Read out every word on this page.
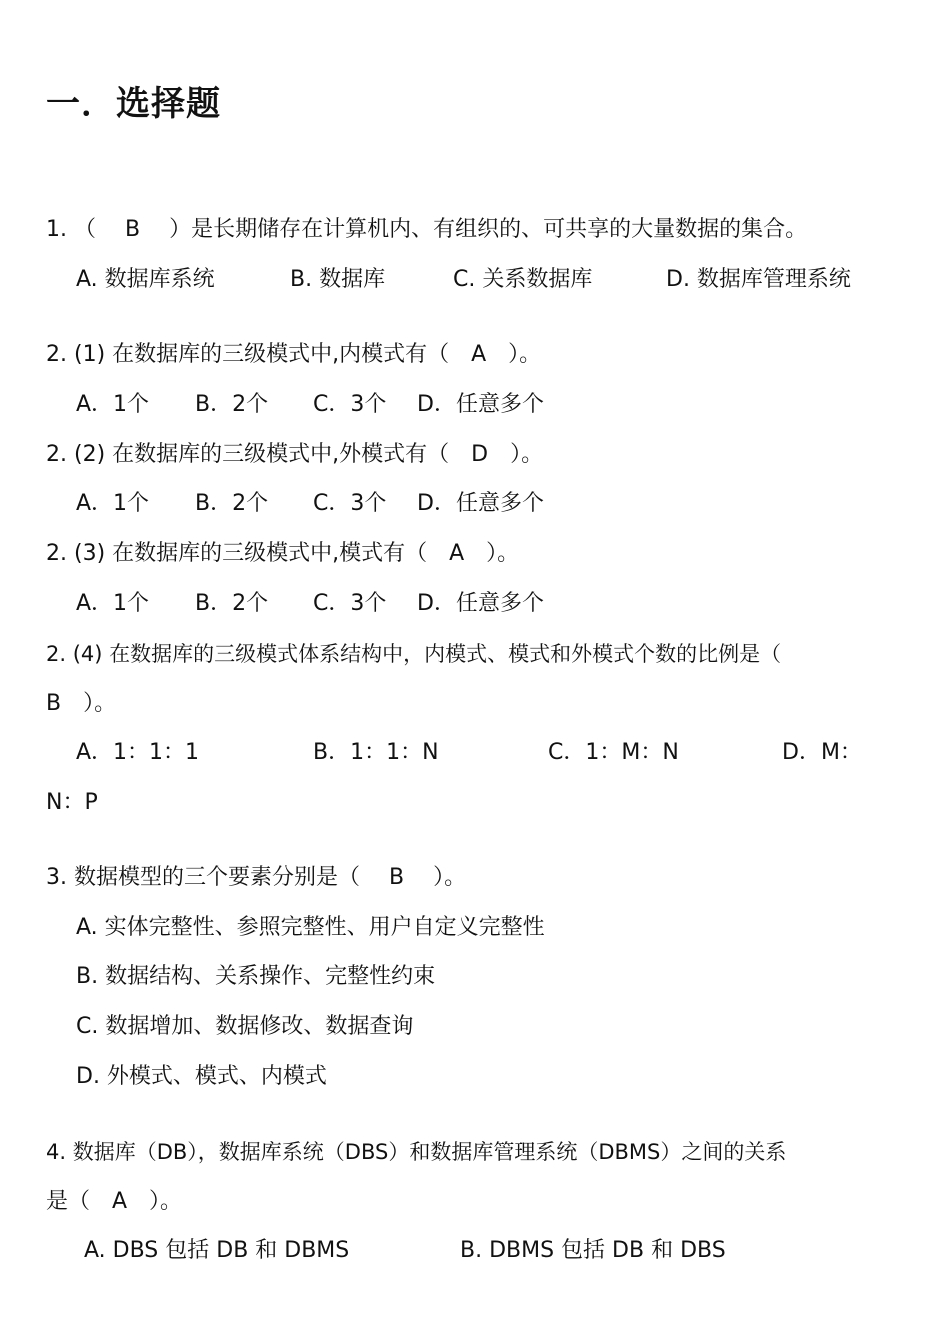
一．选择题
1. （　 B　 ）是长期储存在计算机内、有组织的、可共享的大量数据的集合。
A. 数据库系统	B. 数据库	C. 关系数据库	D. 数据库管理系统
2. (1) 在数据库的三级模式中,内模式有（　A　）。
A．1个 B．2个 C．3个 D．任意多个
2. (2) 在数据库的三级模式中,外模式有（　D　）。
A．1个 B．2个 C．3个 D．任意多个
2. (3) 在数据库的三级模式中,模式有（　A　）。
A．1个 B．2个 C．3个 D．任意多个
2. (4) 在数据库的三级模式体系结构中，内模式、模式和外模式个数的比例是（
B　）。
A．1：1：1	B．1：1：N	C．1：M：N	D．M：
N：P
3. 数据模型的三个要素分别是（　 B　 ）。
A. 实体完整性、参照完整性、用户自定义完整性
B. 数据结构、关系操作、完整性约束
C. 数据增加、数据修改、数据查询
D. 外模式、模式、内模式
4. 数据库（DB），数据库系统（DBS）和数据库管理系统（DBMS）之间的关系
是（　A　）。
A. DBS 包括 DB 和 DBMS	B. DBMS 包括 DB 和 DBS
